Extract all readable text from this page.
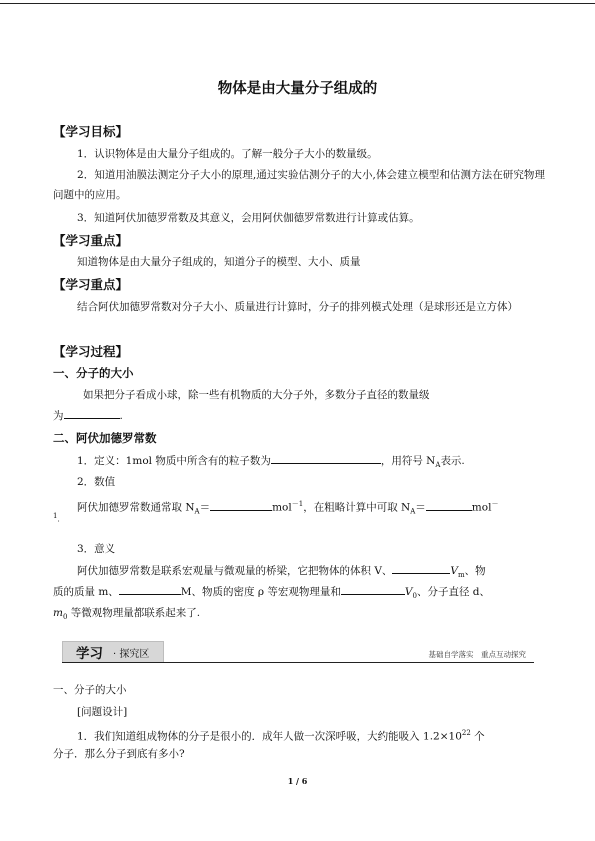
物体是由大量分子组成的
【学习目标】
1．认识物体是由大量分子组成的。了解一般分子大小的数量级。
2．知道用油膜法测定分子大小的原理,通过实验估测分子的大小,体会建立模型和估测方法在研究物理问题中的应用。
3．知道阿伏加德罗常数及其意义，会用阿伏伽德罗常数进行计算或估算。
【学习重点】
知道物体是由大量分子组成的，知道分子的模型、大小、质量
【学习重点】
结合阿伏加德罗常数对分子大小、质量进行计算时，分子的排列模式处理（是球形还是立方体）
【学习过程】
一、分子的大小
如果把分子看成小球，除一些有机物质的大分子外，多数分子直径的数量级
为	.
二、阿伏加德罗常数
1．定义：1mol 物质中所含有的粒子数为	，用符号 $N_A$表示.
2．数值
阿伏加德罗常数通常取 $N_A=$	mol$^{-1}$，在粗略计算中可取 $N_A=$	mol－
$^1$.
3．意义
阿伏加德罗常数是联系宏观量与微观量的桥梁，它把物体的体积 V、	$V_m$、物
质的质量 m、	M、物质的密度 ρ 等宏观物理量和	$V_0$、分子直径 d、
$m_0$ 等微观物理量都联系起来了.
学习 · 探究区	基础自学落实　重点互动探究
一、分子的大小
[问题设计]
1．我们知道组成物体的分子是很小的．成年人做一次深呼吸，大约能吸入 $1.2\times 10^{22}$ 个
分子．那么分子到底有多小?
1 / 6
